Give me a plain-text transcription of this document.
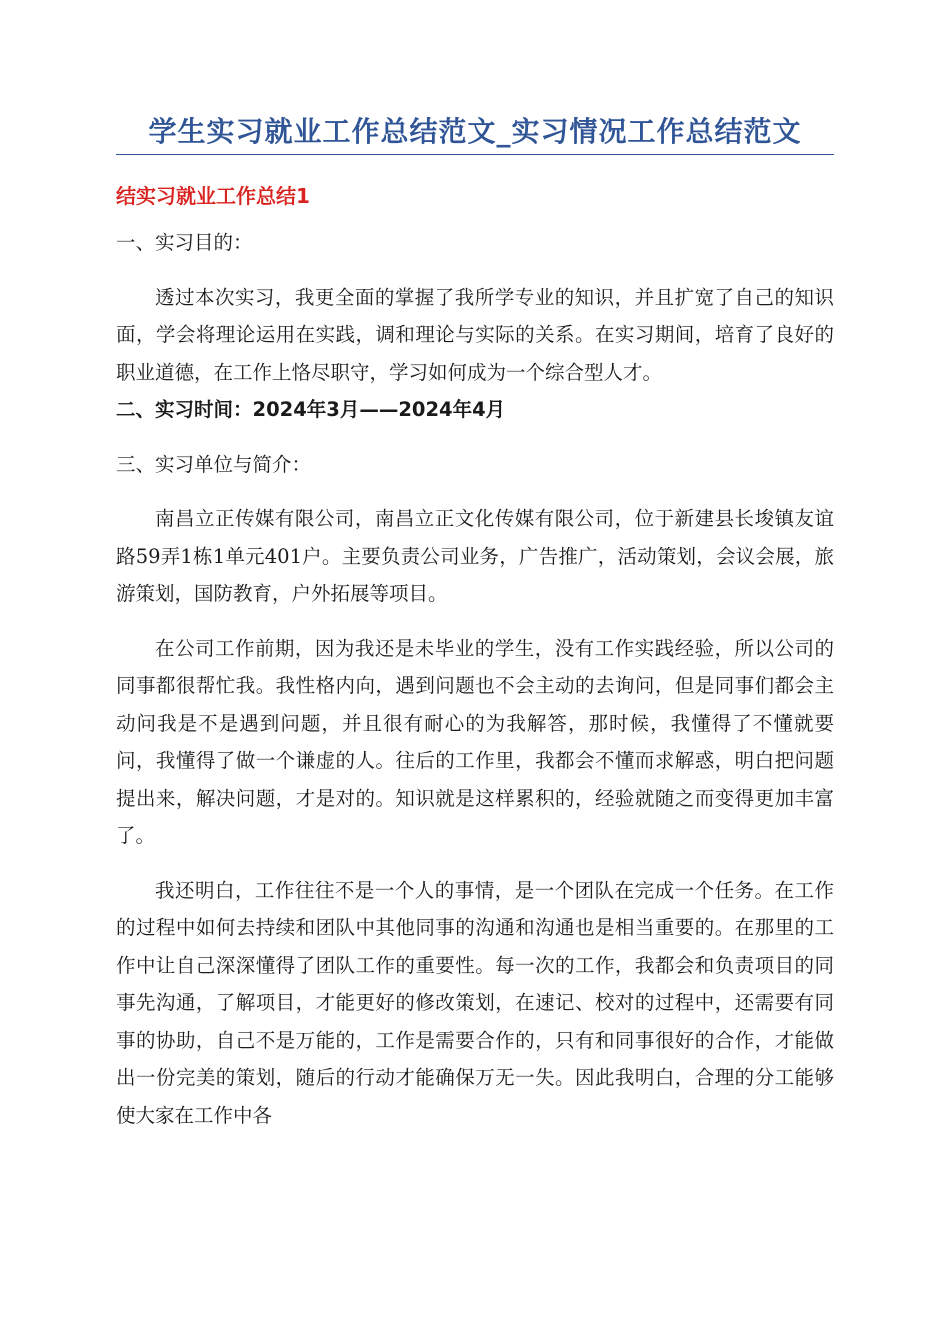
学生实习就业工作总结范文_实习情况工作总结范文
结实习就业工作总结1

一、实习目的：

透过本次实习，我更全面的掌握了我所学专业的知识，并且扩宽了自己的知识面，学会将理论运用在实践，调和理论与实际的关系。在实习期间，培育了良好的职业道德，在工作上恪尽职守，学习如何成为一个综合型人才。

二、实习时间：2024年3月——2024年4月

三、实习单位与简介：

南昌立正传媒有限公司，南昌立正文化传媒有限公司，位于新建县长埈镇友谊路59弄1栋1单元401户。主要负责公司业务，广告推广，活动策划，会议会展，旅游策划，国防教育，户外拓展等项目。

在公司工作前期，因为我还是未毕业的学生，没有工作实践经验，所以公司的同事都很帮忙我。我性格内向，遇到问题也不会主动的去询问，但是同事们都会主动问我是不是遇到问题，并且很有耐心的为我解答，那时候，我懂得了不懂就要问，我懂得了做一个谦虚的人。往后的工作里，我都会不懂而求解惑，明白把问题提出来，解决问题，才是对的。知识就是这样累积的，经验就随之而变得更加丰富了。

我还明白，工作往往不是一个人的事情，是一个团队在完成一个任务。在工作的过程中如何去持续和团队中其他同事的沟通和沟通也是相当重要的。在那里的工作中让自己深深懂得了团队工作的重要性。每一次的工作，我都会和负责项目的同事先沟通，了解项目，才能更好的修改策划，在速记、校对的过程中，还需要有同事的协助，自己不是万能的，工作是需要合作的，只有和同事很好的合作，才能做出一份完美的策划，随后的行动才能确保万无一失。因此我明白，合理的分工能够使大家在工作中各
